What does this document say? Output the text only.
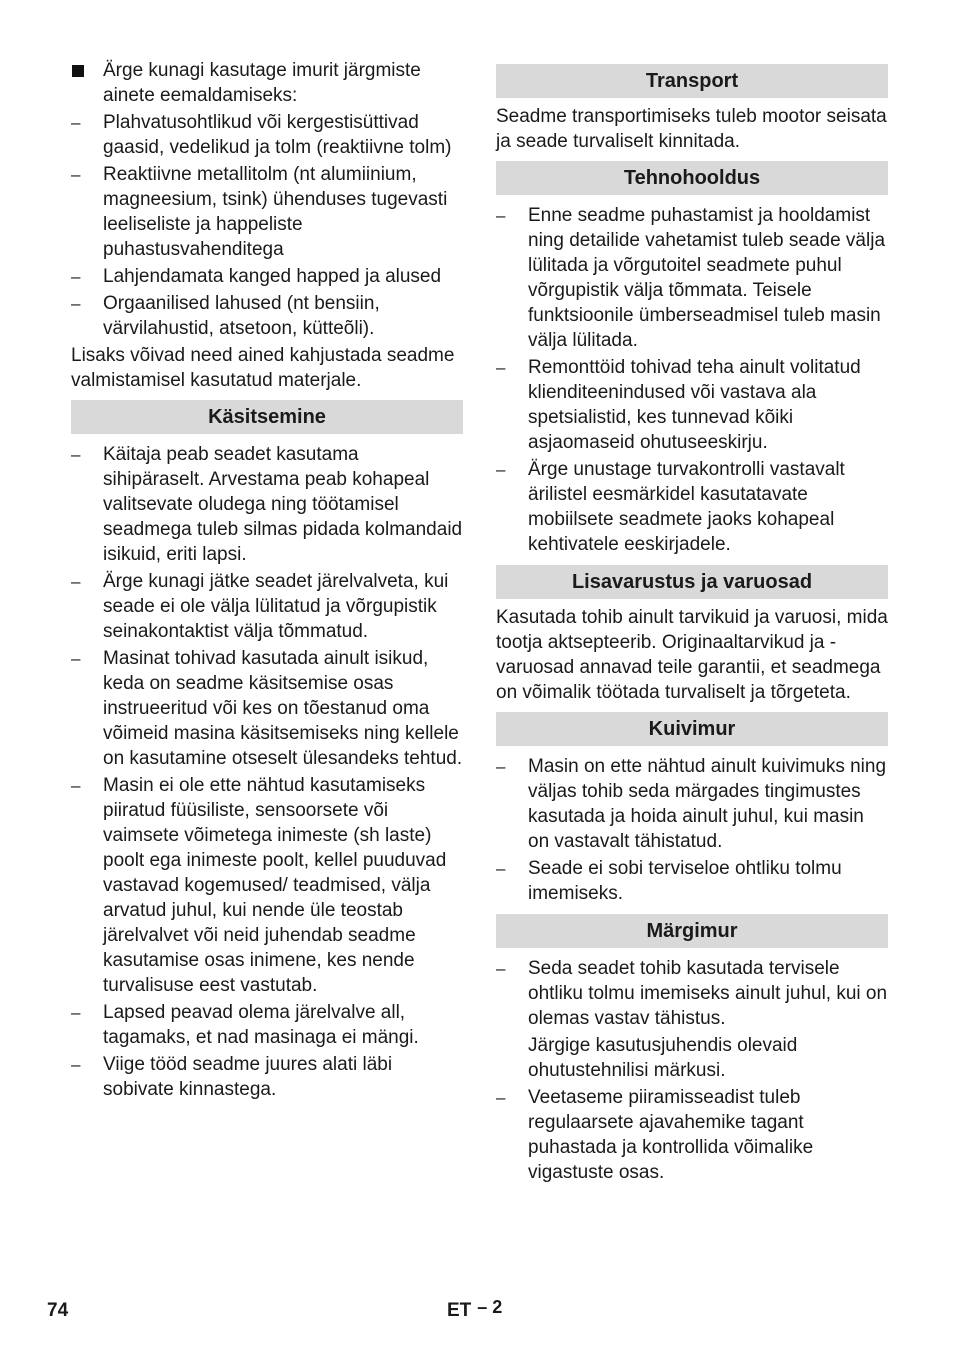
Ärge kunagi kasutage imurit järgmiste ainete eemaldamiseks:
–	Plahvatusohtlikud või kergestisüttivad gaasid, vedelikud ja tolm (reaktiivne tolm)
–	Reaktiivne metallitolm (nt alumiinium, magneesium, tsink) ühenduses tugevasti leeliseliste ja happeliste puhastusvahenditega
–	Lahjendamata kanged happed ja alused
–	Orgaanilised lahused (nt bensiin, värvilahustid, atsetoon, kütteõli).
Lisaks võivad need ained kahjustada seadme valmistamisel kasutatud materjale.
Käsitsemine
–	Käitaja peab seadet kasutama sihipäraselt. Arvestama peab kohapeal valitsevate oludega ning töötamisel seadmega tuleb silmas pidada kolmandaid isikuid, eriti lapsi.
–	Ärge kunagi jätke seadet järelvalveta, kui seade ei ole välja lülitatud ja võrgupistik seinakontaktist välja tõmmatud.
–	Masinat tohivad kasutada ainult isikud, keda on seadme käsitsemise osas instrueeritud või kes on tõestanud oma võimeid masina käsitsemiseks ning kellele on kasutamine otseselt ülesandeks tehtud.
–	Masin ei ole ette nähtud kasutamiseks piiratud füüsiliste, sensoorsete või vaimsete võimetega inimeste (sh laste) poolt ega inimeste poolt, kellel puuduvad vastavad kogemused/ teadmised, välja arvatud juhul, kui nende üle teostab järelvalvet või neid juhendab seadme kasutamise osas inimene, kes nende turvalisuse eest vastutab.
–	Lapsed peavad olema järelvalve all, tagamaks, et nad masinaga ei mängi.
–	Viige tööd seadme juures alati läbi sobivate kinnastega.
Transport
Seadme transportimiseks tuleb mootor seisata ja seade turvaliselt kinnitada.
Tehnohooldus
–	Enne seadme puhastamist ja hooldamist ning detailide vahetamist tuleb seade välja lülitada ja võrgutoitel seadmete puhul võrgupistik välja tõmmata. Teisele funktsioonile ümberseadmisel tuleb masin välja lülitada.
–	Remonttöid tohivad teha ainult volitatud klienditeenindused või vastava ala spetsialistid, kes tunnevad kõiki asjaomaseid ohutuseeskirju.
–	Ärge unustage turvakontrolli vastavalt ärilistel eesmärkidel kasutatavate mobiilsete seadmete jaoks kohapeal kehtivatele eeskirjadele.
Lisavarustus ja varuosad
Kasutada tohib ainult tarvikuid ja varuosi, mida tootja aktsepteerib. Originaaltarvikud ja -varuosad annavad teile garantii, et seadmega on võimalik töötada turvaliselt ja tõrgeteta.
Kuivimur
–	Masin on ette nähtud ainult kuivimuks ning väljas tohib seda märgades tingimustes kasutada ja hoida ainult juhul, kui masin on vastavalt tähistatud.
–	Seade ei sobi terviseloe ohtliku tolmu imemiseks.
Märgimur
–	Seda seadet tohib kasutada tervisele ohtliku tolmu imemiseks ainult juhul, kui on olemas vastav tähistus.
Järgige kasutusjuhendis olevaid ohutustehnilisi märkusi.
–	Veetaseme piiramisseadist tuleb regulaarsete ajavahemike tagant puhastada ja kontrollida võimalike vigastuste osas.
74	ET – 2
